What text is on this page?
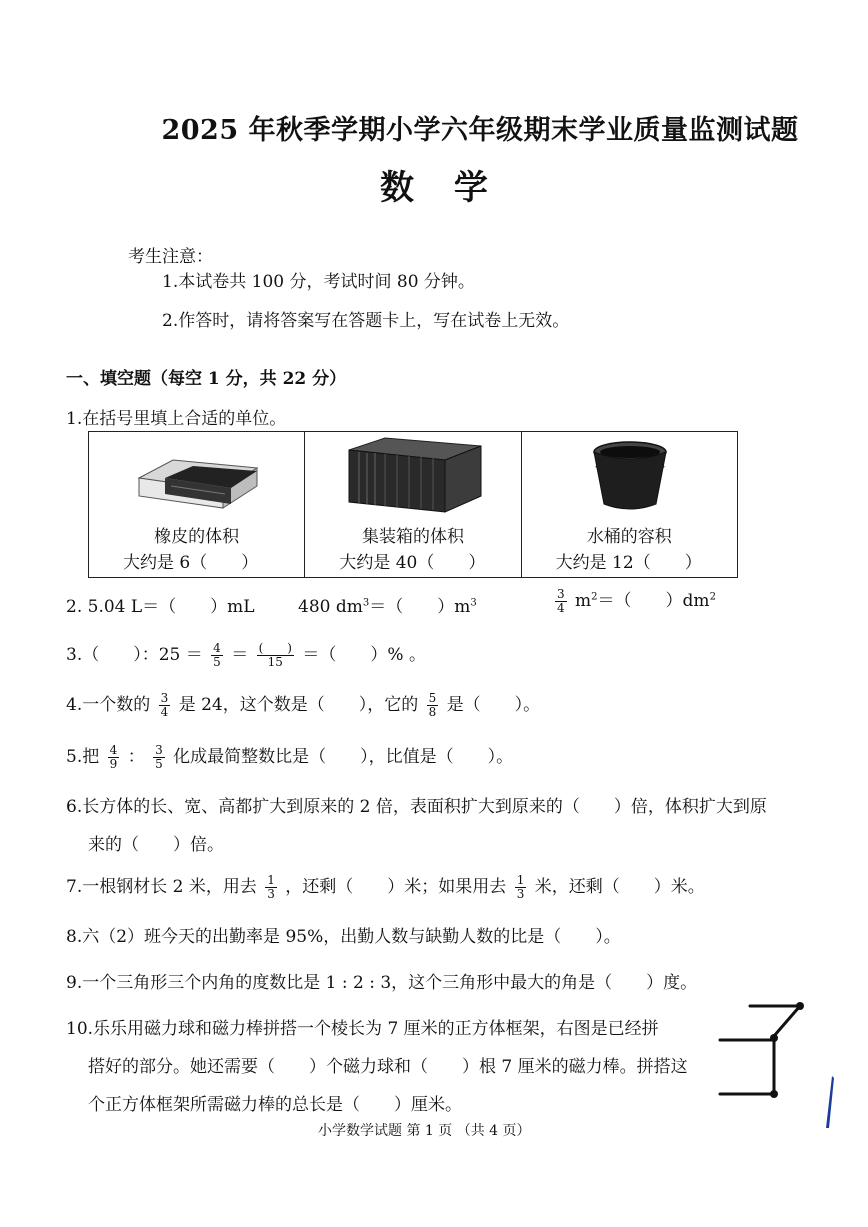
2025 年秋季学期小学六年级期末学业质量监测试题
数 学
考生注意：
1.本试卷共 100 分，考试时间 80 分钟。
2.作答时，请将答案写在答题卡上，写在试卷上无效。
一、填空题（每空 1 分，共 22 分）
1.在括号里填上合适的单位。
橡皮的体积
大约是 6（　　）
集装箱的体积
大约是 40（　　）
水桶的容积
大约是 12（　　）
2. 5.04 L＝（　　）mL	480 $dm^3=$（　　）$m^3$	$\frac{3}{4} m^2=$（　　）$dm^2$
3.（　　）：$25 = \frac{4}{5} = \frac{( )}{15}$ ＝（　　）% 。
4.一个数的 $\frac{3}{4}$ 是 24，这个数是（　　），它的 $\frac{5}{8}$ 是（　　）。
5.把 $\frac{4}{9}$ ： $\frac{3}{5}$ 化成最简整数比是（　　），比值是（　　）。
6.长方体的长、宽、高都扩大到原来的 2 倍，表面积扩大到原来的（　　）倍，体积扩大到原
来的（　　）倍。
7.一根钢材长 2 米，用去 $\frac{1}{3}$ ，还剩（　　）米；如果用去 $\frac{1}{3}$ 米，还剩（　　）米。
8.六（2）班今天的出勤率是 95%，出勤人数与缺勤人数的比是（　　）。
9.一个三角形三个内角的度数比是 1 : 2 : 3，这个三角形中最大的角是（　　）度。
10.乐乐用磁力球和磁力棒拼搭一个棱长为 7 厘米的正方体框架，右图是已经拼
搭好的部分。她还需要（　　）个磁力球和（　　）根 7 厘米的磁力棒。拼搭这
个正方体框架所需磁力棒的总长是（　　）厘米。
小学数学试题 第 1 页 （共 4 页）
